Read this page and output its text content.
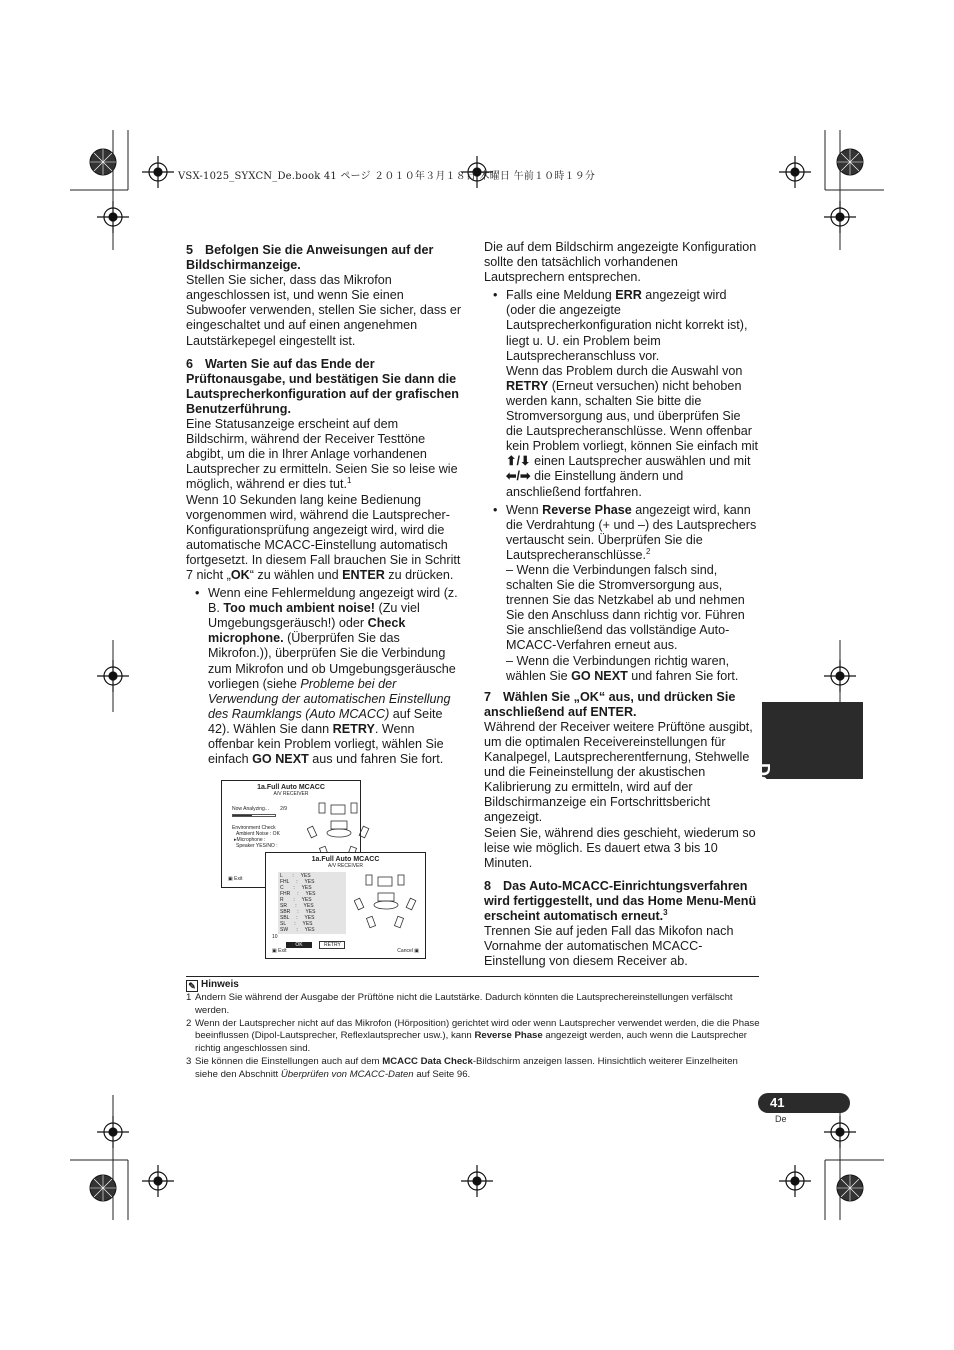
VSX-1025_SYXCN_De.book 41 ページ ２０１０年３月１８日 木曜日 午前１０時１９分
5 Befolgen Sie die Anweisungen auf der Bildschirmanzeige.

Stellen Sie sicher, dass das Mikrofon angeschlossen ist, und wenn Sie einen Subwoofer verwenden, stellen Sie sicher, dass er eingeschaltet und auf einen angenehmen Lautstärkepegel eingestellt ist.

6 Warten Sie auf das Ende der Prüftonausgabe, und bestätigen Sie dann die Lautsprecherkonfiguration auf der grafischen Benutzerführung.

Eine Statusanzeige erscheint auf dem Bildschirm, während der Receiver Testtöne abgibt, um die in Ihrer Anlage vorhandenen Lautsprecher zu ermitteln. Seien Sie so leise wie möglich, während er dies tut.$^1$

Wenn 10 Sekunden lang keine Bedienung vorgenommen wird, während die Lautsprecher-Konfigurationsprüfung angezeigt wird, wird die automatische MCACC-Einstellung automatisch fortgesetzt. In diesem Fall brauchen Sie in Schritt 7 nicht „OK“ zu wählen und ENTER zu drücken.

• Wenn eine Fehlermeldung angezeigt wird (z. B. Too much ambient noise! (Zu viel Umgebungsgeräusch!) oder Check microphone. (Überprüfen Sie das Mikrofon.)), überprüfen Sie die Verbindung zum Mikrofon und ob Umgebungsgeräusche vorliegen (siehe Probleme bei der Verwendung der automatischen Einstellung des Raumklangs (Auto MCACC) auf Seite 42). Wählen Sie dann RETRY. Wenn offenbar kein Problem vorliegt, wählen Sie einfach GO NEXT aus und fahren Sie fort.
1a.Full Auto MCACC
A/V RECEIVER
Now Analyzing... 2/9
Environment Check
Ambient Noise : OK
▸Microphone :
Speaker YES/NO :
▣ Exit
1a.Full Auto MCACC
A/V RECEIVER
L       :     YES
FHL     :     YES
C       :     YES
FHR     :     YES
R       :     YES
SR      :     YES
SBR     :     YES
SBL     :     YES
SL      :     YES
SW      :     YES
10
OK	RETRY
▣ Exit	Cancel ▣

Die auf dem Bildschirm angezeigte Konfiguration sollte den tatsächlich vorhandenen Lautsprechern entsprechen.

• Falls eine Meldung ERR angezeigt wird (oder die angezeigte Lautsprecherkonfiguration nicht korrekt ist), liegt u. U. ein Problem beim Lautsprecheranschluss vor.
Wenn das Problem durch die Auswahl von RETRY (Erneut versuchen) nicht behoben werden kann, schalten Sie bitte die Stromversorgung aus, und überprüfen Sie die Lautsprecheranschlüsse. Wenn offenbar kein Problem vorliegt, können Sie einfach mit ⬆/⬇ einen Lautsprecher auswählen und mit ⬅/➡ die Einstellung ändern und anschließend fortfahren.
• Wenn Reverse Phase angezeigt wird, kann die Verdrahtung (+ und –) des Lautsprechers vertauscht sein. Überprüfen Sie die Lautsprecheranschlüsse.$^2$
– Wenn die Verbindungen falsch sind, schalten Sie die Stromversorgung aus, trennen Sie das Netzkabel ab und nehmen Sie den Anschluss dann richtig vor. Führen Sie anschließend das vollständige Auto-MCACC-Verfahren erneut aus.
– Wenn die Verbindungen richtig waren, wählen Sie GO NEXT und fahren Sie fort.
7 Wählen Sie „OK“ aus, und drücken Sie anschließend auf ENTER.

Während der Receiver weitere Prüftöne ausgibt, um die optimalen Receivereinstellungen für Kanalpegel, Lautsprecherentfernung, Stehwelle und die Feineinstellung der akustischen Kalibrierung zu ermitteln, wird auf der Bildschirmanzeige ein Fortschrittsbericht angezeigt.

Seien Sie, während dies geschieht, wiederum so leise wie möglich. Es dauert etwa 3 bis 10 Minuten.

8 Das Auto-MCACC-Einrichtungsverfahren wird fertiggestellt, und das Home Menu-Menü erscheint automatisch erneut.$^3$

Trennen Sie auf jeden Fall das Mikofon nach Vornahme der automatischen MCACC-Einstellung von diesem Receiver ab.

Deutsch
✎ Hinweis
1 Andern Sie während der Ausgabe der Prüftöne nicht die Lautstärke. Dadurch könnten die Lautsprechereinstellungen verfälscht werden.
2 Wenn der Lautsprecher nicht auf das Mikrofon (Hörposition) gerichtet wird oder wenn Lautsprecher verwendet werden, die die Phase beeinflussen (Dipol-Lautsprecher, Reflexlautsprecher usw.), kann Reverse Phase angezeigt werden, auch wenn die Lautsprecher richtig angeschlossen sind.
3 Sie können die Einstellungen auch auf dem MCACC Data Check-Bildschirm anzeigen lassen. Hinsichtlich weiterer Einzelheiten siehe den Abschnitt Überprüfen von MCACC-Daten auf Seite 96.
41
De
